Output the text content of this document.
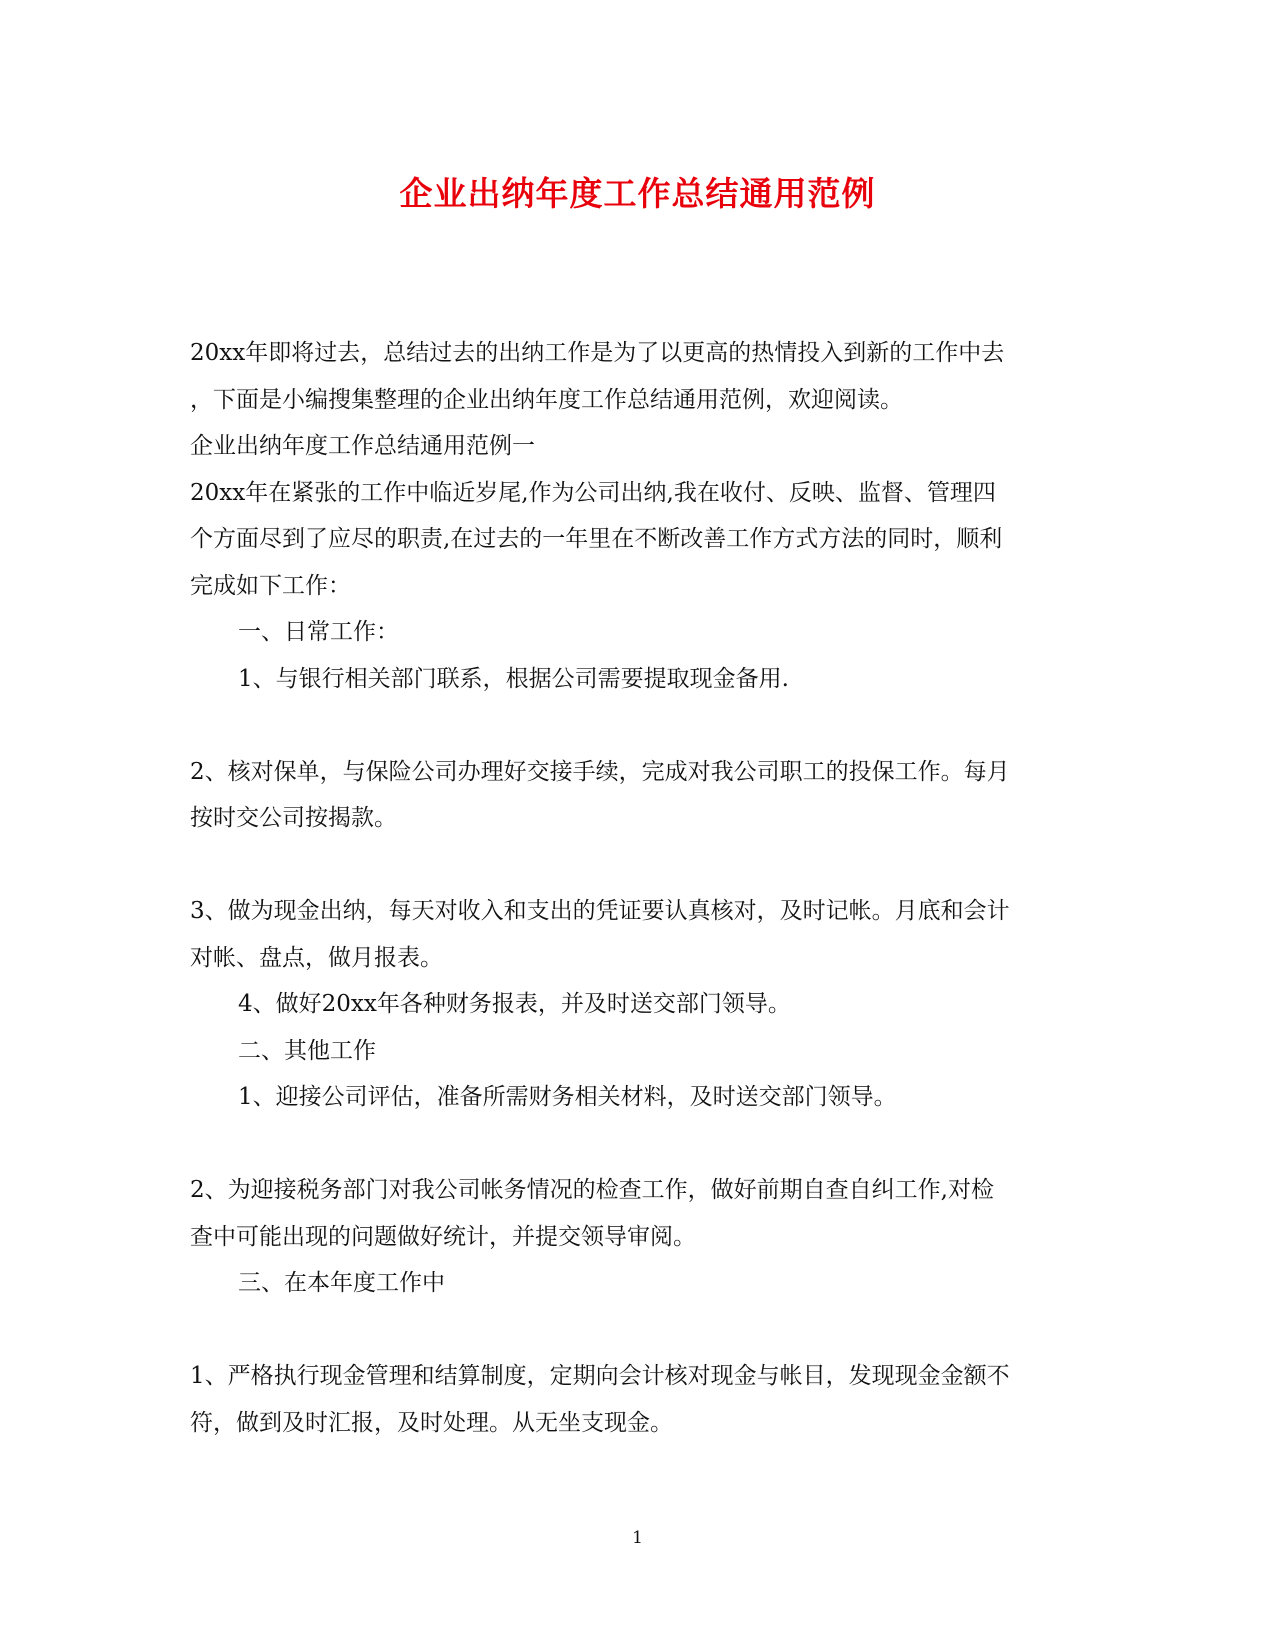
企业出纳年度工作总结通用范例

20xx年即将过去，总结过去的出纳工作是为了以更高的热情投入到新的工作中去

，下面是小编搜集整理的企业出纳年度工作总结通用范例，欢迎阅读。

企业出纳年度工作总结通用范例一

20xx年在紧张的工作中临近岁尾,作为公司出纳,我在收付、反映、监督、管理四

个方面尽到了应尽的职责,在过去的一年里在不断改善工作方式方法的同时，顺利

完成如下工作：

一、日常工作：

1、与银行相关部门联系，根据公司需要提取现金备用.

2、核对保单，与保险公司办理好交接手续，完成对我公司职工的投保工作。每月

按时交公司按揭款。

3、做为现金出纳，每天对收入和支出的凭证要认真核对，及时记帐。月底和会计

对帐、盘点，做月报表。

4、做好20xx年各种财务报表，并及时送交部门领导。

二、其他工作

1、迎接公司评估，准备所需财务相关材料，及时送交部门领导。

2、为迎接税务部门对我公司帐务情况的检查工作，做好前期自查自纠工作,对检

查中可能出现的问题做好统计，并提交领导审阅。

三、在本年度工作中

1、严格执行现金管理和结算制度，定期向会计核对现金与帐目，发现现金金额不

符，做到及时汇报，及时处理。从无坐支现金。

1
